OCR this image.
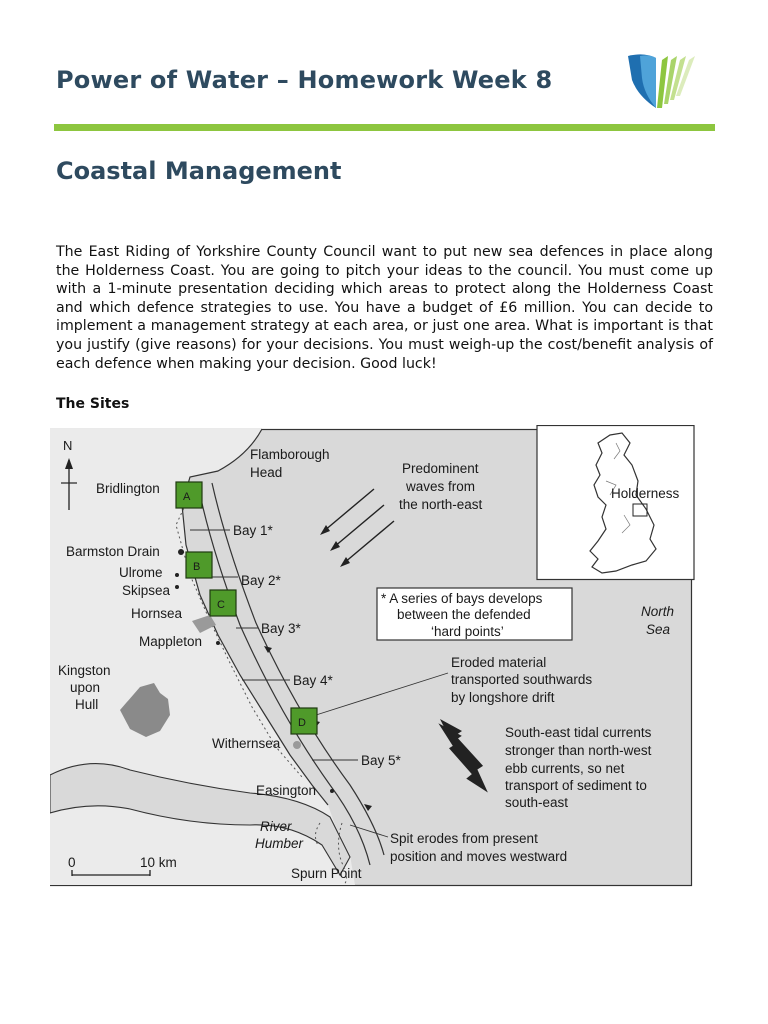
Power of Water – Homework Week 8
Coastal Management
The East Riding of Yorkshire County Council want to put new sea defences in place along the Holderness Coast. You are going to pitch your ideas to the council. You must come up with a 1-minute presentation deciding which areas to protect along the Holderness Coast and which defence strategies to use. You have a budget of £6 million. You can decide to implement a management strategy at each area, or just one area. What is important is that you justify (give reasons) for your decisions. You must weigh-up the cost/benefit analysis of each defence when making your decision. Good luck!
The Sites
N
Bridlington
Flamborough
Head
Barmston Drain
Ulrome
Skipsea
Hornsea
Mappleton
Kingston
upon
Hull
Withernsea
Easington
River
Humber
Spurn Point
North
Sea
Bay 1*
Bay 2*
Bay 3*
Bay 4*
Bay 5*
Predominent
waves from
the north-east
* A series of bays develops
between the defended
‘hard points’
Eroded material
transported southwards
by longshore drift
South-east tidal currents
stronger than north-west
ebb currents, so net
transport of sediment to
south-east
Spit erodes from present
position and moves westward
0	10 km
Holderness
A
B
C
D
